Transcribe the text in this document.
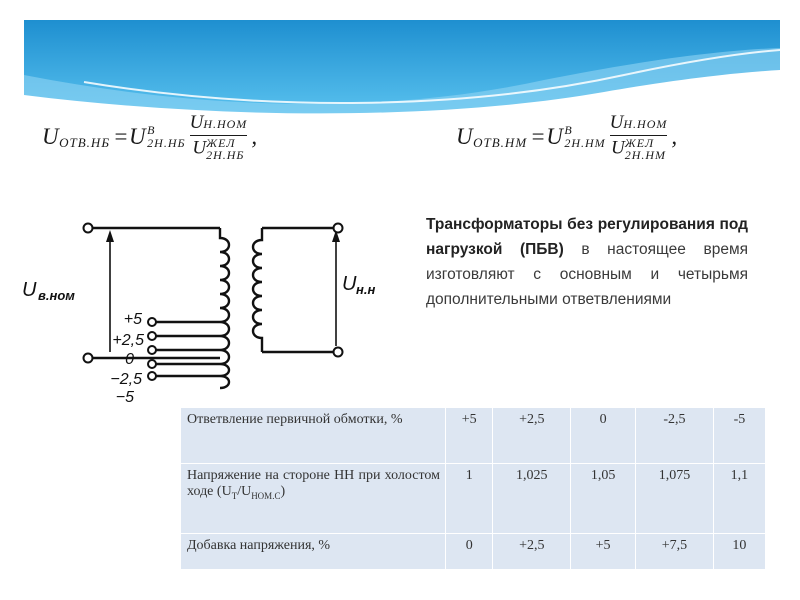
U ОТВ.НБ = U B
2Н.НБ UН.НОМ
U ЖЕЛ
2Н.НБ ,	U ОТВ.НМ = U B
2Н.НМ UН.НОМ
U ЖЕЛ
2Н.НМ ,
U в.ном
U н.н
+5
+2,5
0
−2,5
−5
Трансформаторы без регулирования под нагрузкой (ПБВ) в настоящее время изготовляют с основным и четырьмя дополнительными ответвлениями
Ответвление первичной обмотки, %	+5	+2,5	0	-2,5	-5
Напряжение на стороне НН при холостом ходе $(U_Т/U_{НОМ.С})$	1	1,025	1,05	1,075	1,1
Добавка напряжения, %	0	+2,5	+5	+7,5	10
